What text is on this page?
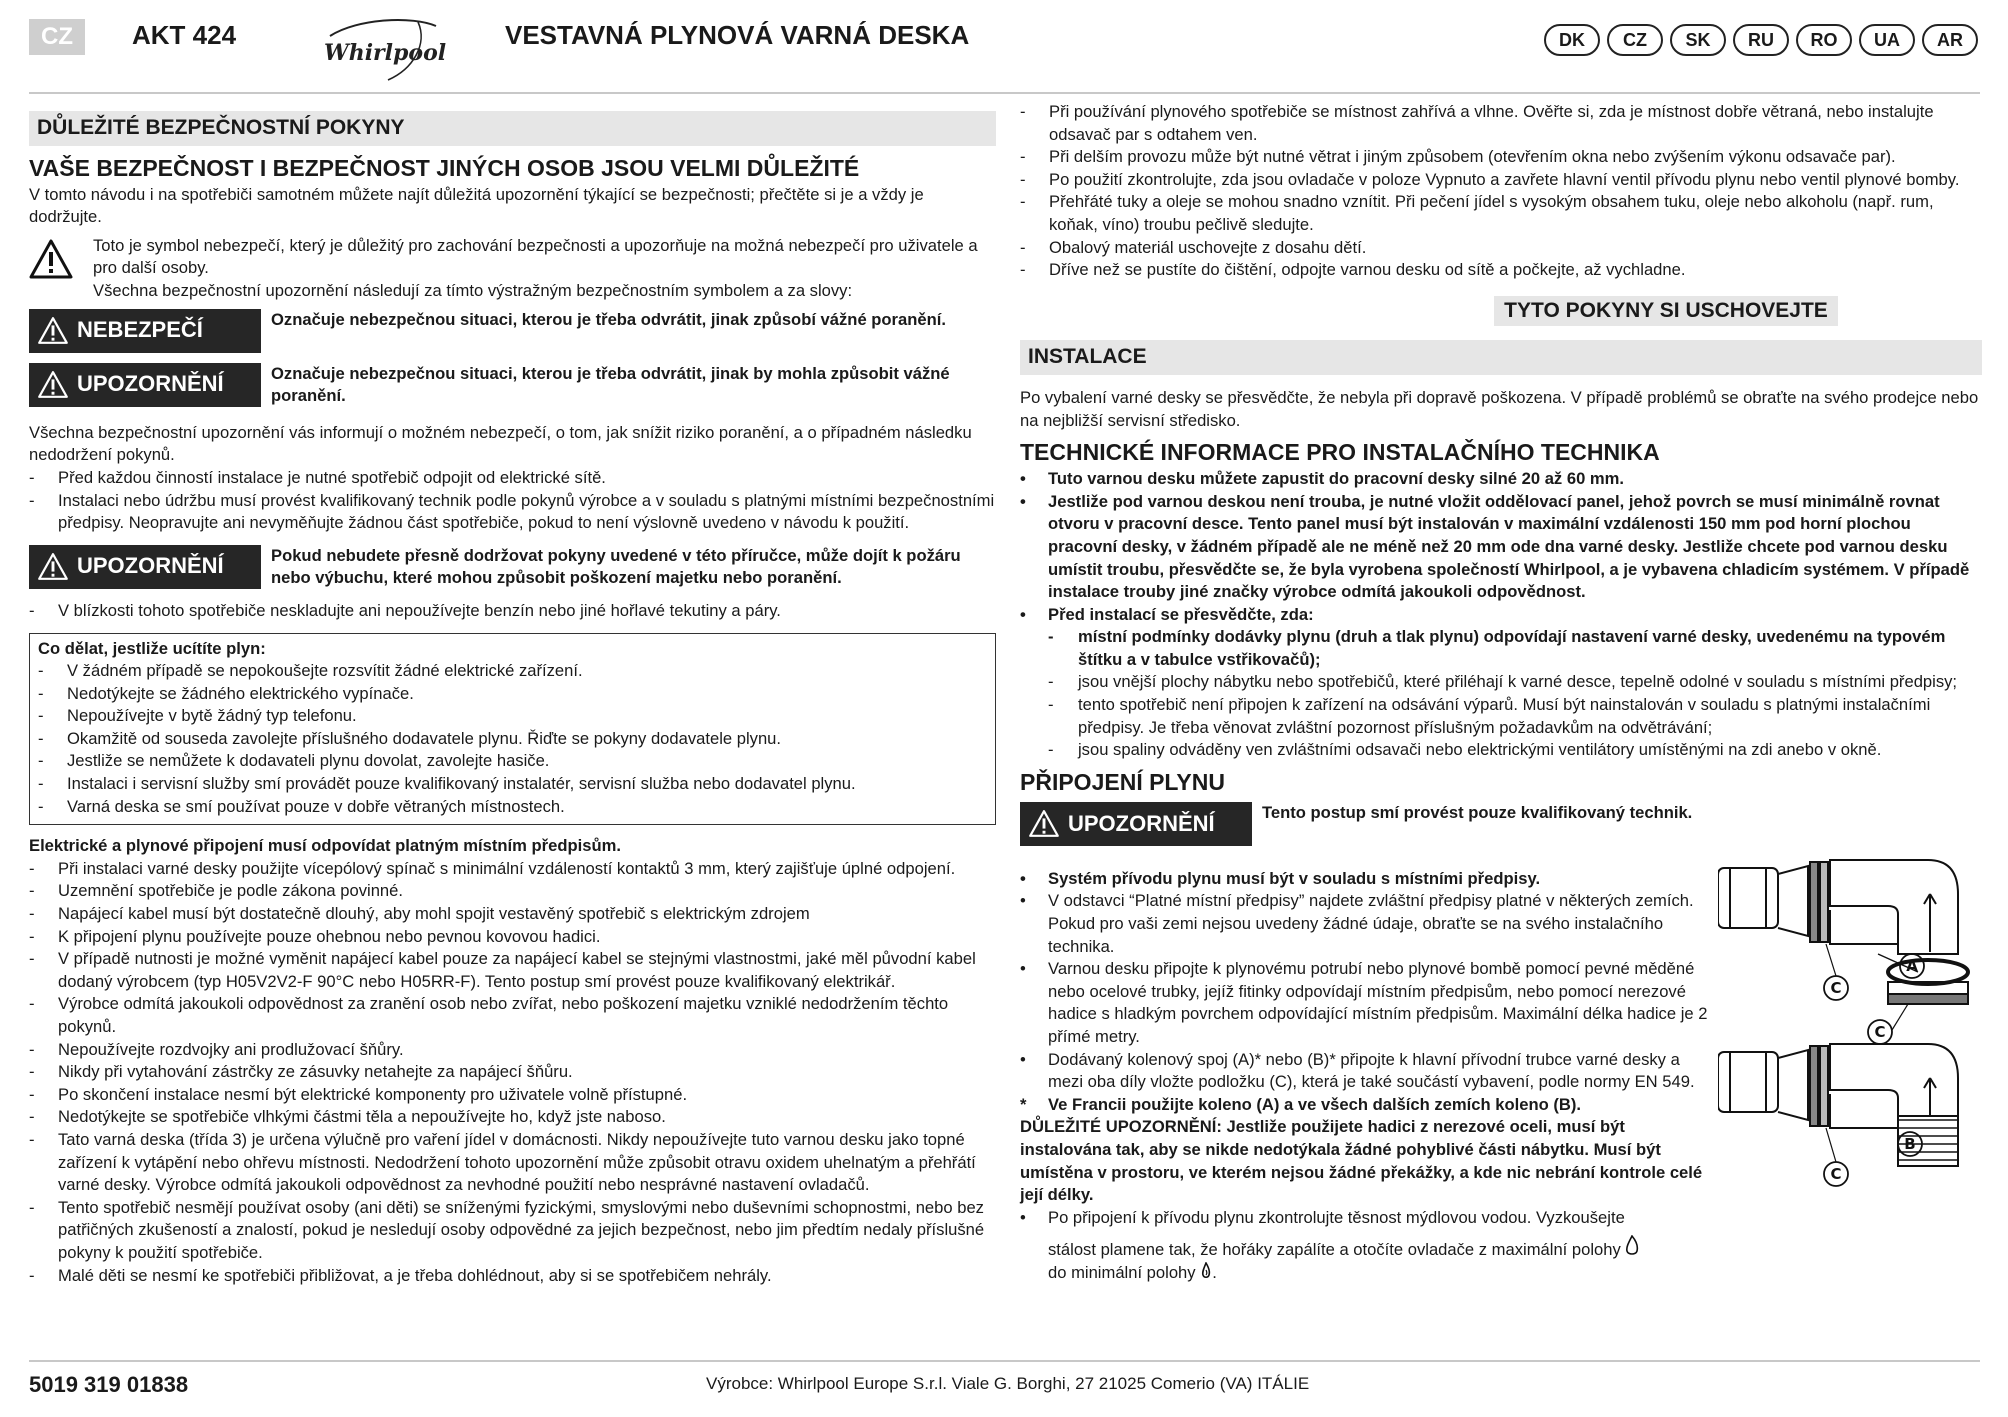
CZ	AKT 424
Whirlpool
VESTAVNÁ PLYNOVÁ VARNÁ DESKA	DK	CZ	SK	RU	RO	UA	AR
DŮLEŽITÉ BEZPEČNOSTNÍ POKYNY
VAŠE BEZPEČNOST I BEZPEČNOST JINÝCH OSOB JSOU VELMI DŮLEŽITÉ

V tomto návodu i na spotřebiči samotném můžete najít důležitá upozornění týkající se bezpečnosti; přečtěte si je a vždy je dodržujte.

Toto je symbol nebezpečí, který je důležitý pro zachování bezpečnosti a upozorňuje na možná nebezpečí pro uživatele a pro další osoby.
Všechna bezpečnostní upozornění následují za tímto výstražným bezpečnostním symbolem a za slovy:
NEBEZPEČÍ	Označuje nebezpečnou situaci, kterou je třeba odvrátit, jinak způsobí vážné poranění.
UPOZORNĚNÍ	Označuje nebezpečnou situaci, kterou je třeba odvrátit, jinak by mohla způsobit vážné poranění.

Všechna bezpečnostní upozornění vás informují o možném nebezpečí, o tom, jak snížit riziko poranění, a o případném následku nedodržení pokynů.

-	Před každou činností instalace je nutné spotřebič odpojit od elektrické sítě.
-	Instalaci nebo údržbu musí provést kvalifikovaný technik podle pokynů výrobce a v souladu s platnými místními bezpečnostními předpisy. Neopravujte ani nevyměňujte žádnou část spotřebiče, pokud to není výslovně uvedeno v návodu k použití.
UPOZORNĚNÍ	Pokud nebudete přesně dodržovat pokyny uvedené v této příručce, může dojít k požáru nebo výbuchu, které mohou způsobit poškození majetku nebo poranění.
-	V blízkosti tohoto spotřebiče neskladujte ani nepoužívejte benzín nebo jiné hořlavé tekutiny a páry.
Co dělat, jestliže ucítíte plyn:
-	V žádném případě se nepokoušejte rozsvítit žádné elektrické zařízení.
-	Nedotýkejte se žádného elektrického vypínače.
-	Nepoužívejte v bytě žádný typ telefonu.
-	Okamžitě od souseda zavolejte příslušného dodavatele plynu. Řiďte se pokyny dodavatele plynu.
-	Jestliže se nemůžete k dodavateli plynu dovolat, zavolejte hasiče.
-	Instalaci i servisní služby smí provádět pouze kvalifikovaný instalatér, servisní služba nebo dodavatel plynu.
-	Varná deska se smí používat pouze v dobře větraných místnostech.
Elektrické a plynové připojení musí odpovídat platným místním předpisům.
-	Při instalaci varné desky použijte vícepólový spínač s minimální vzdáleností kontaktů 3 mm, který zajišťuje úplné odpojení.
-	Uzemnění spotřebiče je podle zákona povinné.
-	Napájecí kabel musí být dostatečně dlouhý, aby mohl spojit vestavěný spotřebič s elektrickým zdrojem
-	K připojení plynu používejte pouze ohebnou nebo pevnou kovovou hadici.
-	V případě nutnosti je možné vyměnit napájecí kabel pouze za napájecí kabel se stejnými vlastnostmi, jaké měl původní kabel dodaný výrobcem (typ H05V2V2-F 90°C nebo H05RR-F). Tento postup smí provést pouze kvalifikovaný elektrikář.
-	Výrobce odmítá jakoukoli odpovědnost za zranění osob nebo zvířat, nebo poškození majetku vzniklé nedodržením těchto pokynů.
-	Nepoužívejte rozdvojky ani prodlužovací šňůry.
-	Nikdy při vytahování zástrčky ze zásuvky netahejte za napájecí šňůru.
-	Po skončení instalace nesmí být elektrické komponenty pro uživatele volně přístupné.
-	Nedotýkejte se spotřebiče vlhkými částmi těla a nepoužívejte ho, když jste naboso.
-	Tato varná deska (třída 3) je určena výlučně pro vaření jídel v domácnosti. Nikdy nepoužívejte tuto varnou desku jako topné zařízení k vytápění nebo ohřevu místnosti. Nedodržení tohoto upozornění může způsobit otravu oxidem uhelnatým a přehřátí varné desky. Výrobce odmítá jakoukoli odpovědnost za nevhodné použití nebo nesprávné nastavení ovladačů.
-	Tento spotřebič nesmějí používat osoby (ani děti) se sníženými fyzickými, smyslovými nebo duševními schopnostmi, nebo bez patřičných zkušeností a znalostí, pokud je nesledují osoby odpovědné za jejich bezpečnost, nebo jim předtím nedaly příslušné pokyny k použití spotřebiče.
-	Malé děti se nesmí ke spotřebiči přibližovat, a je třeba dohlédnout, aby si se spotřebičem nehrály.
-	Při používání plynového spotřebiče se místnost zahřívá a vlhne. Ověřte si, zda je místnost dobře větraná, nebo instalujte odsavač par s odtahem ven.
-	Při delším provozu může být nutné větrat i jiným způsobem (otevřením okna nebo zvýšením výkonu odsavače par).
-	Po použití zkontrolujte, zda jsou ovladače v poloze Vypnuto a zavřete hlavní ventil přívodu plynu nebo ventil plynové bomby.
-	Přehřáté tuky a oleje se mohou snadno vznítit. Při pečení jídel s vysokým obsahem tuku, oleje nebo alkoholu (např. rum, koňak, víno) troubu pečlivě sledujte.
-	Obalový materiál uschovejte z dosahu dětí.
-	Dříve než se pustíte do čištění, odpojte varnou desku od sítě a počkejte, až vychladne.
TYTO POKYNY SI USCHOVEJTE
INSTALACE

Po vybalení varné desky se přesvědčte, že nebyla při dopravě poškozena. V případě problémů se obraťte na svého prodejce nebo na nejbližší servisní středisko.

TECHNICKÉ INFORMACE PRO INSTALAČNÍHO TECHNIKA
•	Tuto varnou desku můžete zapustit do pracovní desky silné 20 až 60 mm.
•	Jestliže pod varnou deskou není trouba, je nutné vložit oddělovací panel, jehož povrch se musí minimálně rovnat otvoru v pracovní desce. Tento panel musí být instalován v maximální vzdálenosti 150 mm pod horní plochou pracovní desky, v žádném případě ale ne méně než 20 mm ode dna varné desky. Jestliže chcete pod varnou desku umístit troubu, přesvědčte se, že byla vyrobena společností Whirlpool, a je vybavena chladicím systémem. V případě instalace trouby jiné značky výrobce odmítá jakoukoli odpovědnost.
•	Před instalací se přesvědčte, zda:
-	místní podmínky dodávky plynu (druh a tlak plynu) odpovídají nastavení varné desky, uvedenému na typovém štítku a v tabulce vstřikovačů);
-	jsou vnější plochy nábytku nebo spotřebičů, které přiléhají k varné desce, tepelně odolné v souladu s místními předpisy;
-	tento spotřebič není připojen k zařízení na odsávání výparů. Musí být nainstalován v souladu s platnými instalačními předpisy. Je třeba věnovat zvláštní pozornost příslušným požadavkům na odvětrávání;
-	jsou spaliny odváděny ven zvláštními odsavači nebo elektrickými ventilátory umístěnými na zdi anebo v okně.
PŘIPOJENÍ PLYNU
UPOZORNĚNÍ	Tento postup smí provést pouze kvalifikovaný technik.
•	Systém přívodu plynu musí být v souladu s místními předpisy.
•	V odstavci “Platné místní předpisy” najdete zvláštní předpisy platné v některých zemích. Pokud pro vaši zemi nejsou uvedeny žádné údaje, obraťte se na svého instalačního technika.
•	Varnou desku připojte k plynovému potrubí nebo plynové bombě pomocí pevné měděné nebo ocelové trubky, jejíž fitinky odpovídají místním předpisům, nebo pomocí nerezové hadice s hladkým povrchem odpovídající místním předpisům. Maximální délka hadice je 2 přímé metry.
•	Dodávaný kolenový spoj (A)* nebo (B)* připojte k hlavní přívodní trubce varné desky a mezi oba díly vložte podložku (C), která je také součástí vybavení, podle normy EN 549.
*	Ve Francii použijte koleno (A) a ve všech dalších zemích koleno (B).
DŮLEŽITÉ UPOZORNĚNÍ: Jestliže použijete hadici z nerezové oceli, musí být instalována tak, aby se nikde nedotýkala žádné pohyblivé části nábytku. Musí být umístěna v prostoru, ve kterém nejsou žádné překážky, a kde nic nebrání kontrole celé její délky.
•	Po připojení k přívodu plynu zkontrolujte těsnost mýdlovou vodou. Vyzkoušejte
stálost plamene tak, že hořáky zapálíte a otočíte ovladače z maximální polohy
do minimální polohy .
A
C
C
B
C
5019 319 01838	Výrobce: Whirlpool Europe S.r.l. Viale G. Borghi, 27 21025 Comerio (VA) ITÁLIE
